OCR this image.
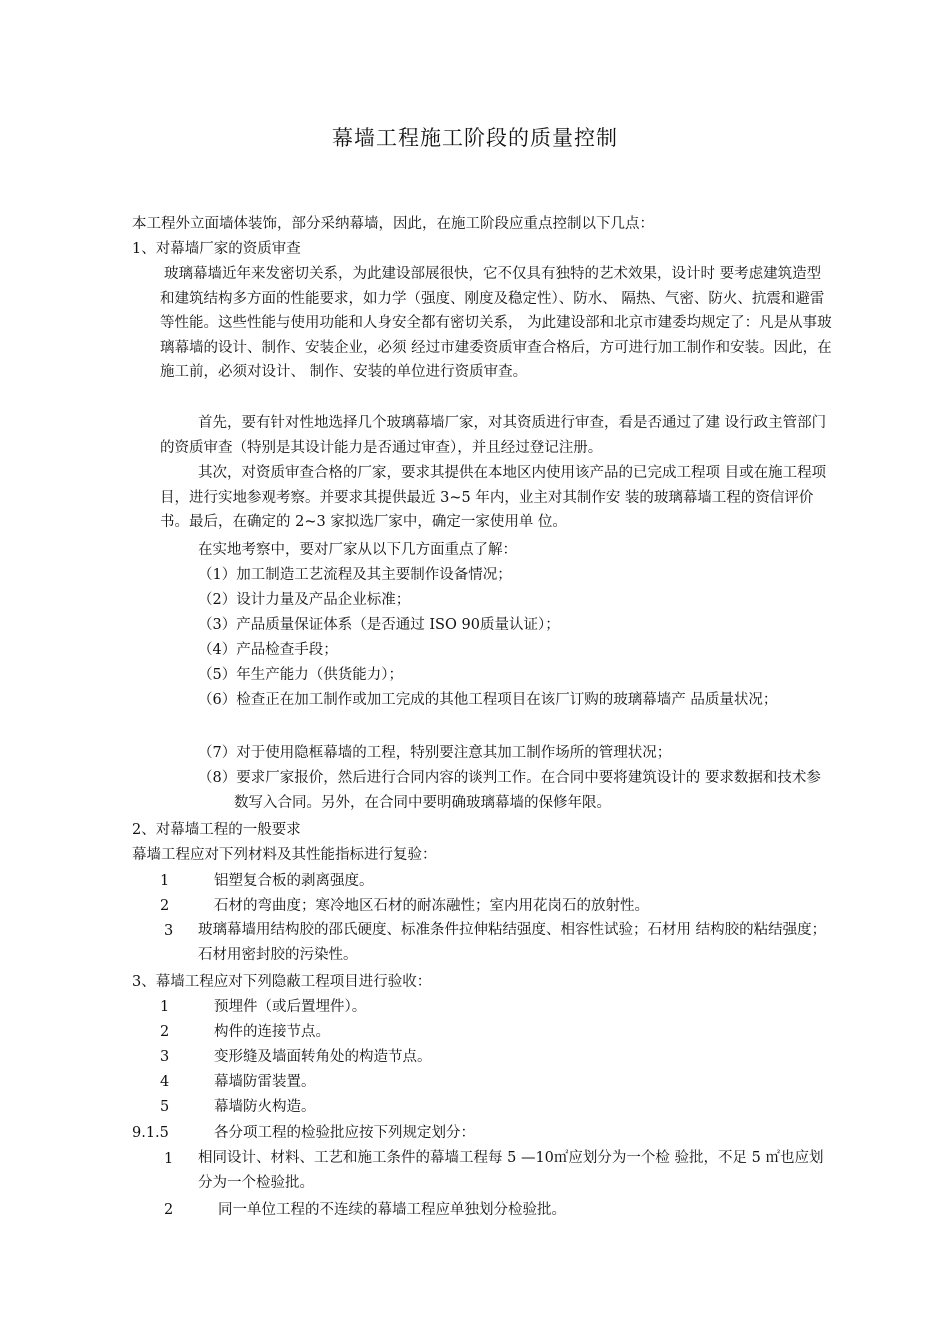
幕墙工程施工阶段的质量控制
本工程外立面墙体装饰，部分采纳幕墙，因此，在施工阶段应重点控制以下几点：
1、对幕墙厂家的资质审查
玻璃幕墙近年来发密切关系，为此建设部展很快，它不仅具有独特的艺术效果，设计时 要考虑建筑造型和建筑结构多方面的性能要求，如力学（强度、刚度及稳定性）、防水、 隔热、气密、防火、抗震和避雷等性能。这些性能与使用功能和人身安全都有密切关系， 为此建设部和北京市建委均规定了：凡是从事玻璃幕墙的设计、制作、安装企业，必须 经过市建委资质审查合格后，方可进行加工制作和安装。因此，在施工前，必须对设计、 制作、安装的单位进行资质审查。
首先，要有针对性地选择几个玻璃幕墙厂家，对其资质进行审查，看是否通过了建 设行政主管部门的资质审查（特别是其设计能力是否通过审查），并且经过登记注册。
其次，对资质审查合格的厂家，要求其提供在本地区内使用该产品的已完成工程项 目或在施工程项目，进行实地参观考察。并要求其提供最近 3~5 年内，业主对其制作安 装的玻璃幕墙工程的资信评价书。最后，在确定的 2~3 家拟选厂家中，确定一家使用单 位。
在实地考察中，要对厂家从以下几方面重点了解：
（1）加工制造工艺流程及其主要制作设备情况；
（2）设计力量及产品企业标准；
（3）产品质量保证体系（是否通过 ISO 90质量认证）；
（4）产品检查手段；
（5）年生产能力（供货能力）；
（6）检查正在加工制作或加工完成的其他工程项目在该厂订购的玻璃幕墙产 品质量状况；
（7）对于使用隐框幕墙的工程，特别要注意其加工制作场所的管理状况；
（8）要求厂家报价，然后进行合同内容的谈判工作。在合同中要将建筑设计的 要求数据和技术参数写入合同。另外，在合同中要明确玻璃幕墙的保修年限。
2、对幕墙工程的一般要求
幕墙工程应对下列材料及其性能指标进行复验：
1	铝塑复合板的剥离强度。
2	石材的弯曲度；寒冷地区石材的耐冻融性；室内用花岗石的放射性。
3 玻璃幕墙用结构胶的邵氏硬度、标准条件拉伸粘结强度、相容性试验；石材用 结构胶的粘结强度；石材用密封胶的污染性。
3、幕墙工程应对下列隐蔽工程项目进行验收：
1	预埋件（或后置埋件）。
2	构件的连接节点。
3	变形缝及墙面转角处的构造节点。
4	幕墙防雷装置。
5	幕墙防火构造。
9.1.5	各分项工程的检验批应按下列规定划分：
1 相同设计、材料、工艺和施工条件的幕墙工程每 5 —10㎡应划分为一个检 验批，不足 5 ㎡也应划分为一个检验批。
2	同一单位工程的不连续的幕墙工程应单独划分检验批。
